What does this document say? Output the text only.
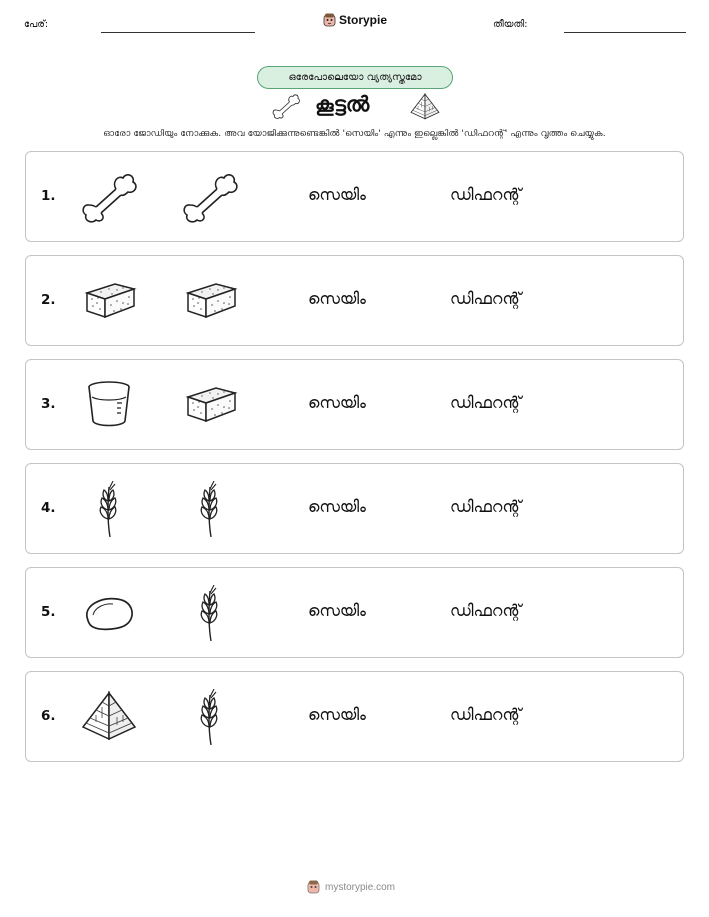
പേര്:	Storypie	തീയതി:
ഒരേപോലെയോ വ്യത്യസ്തമോ
കൂട്ടൽ
ഓരോ ജോഡിയും നോക്കുക. അവ യോജിക്കുന്നുണ്ടെങ്കിൽ 'സെയിം' എന്നും ഇല്ലെങ്കിൽ 'ഡിഫറന്റ്' എന്നും വൃത്തം ചെയ്യുക.
1.	സെയിം	ഡിഫറന്റ്
2.	സെയിം	ഡിഫറന്റ്
3.	സെയിം	ഡിഫറന്റ്
4.	സെയിം	ഡിഫറന്റ്
5.	സെയിം	ഡിഫറന്റ്
6.	സെയിം	ഡിഫറന്റ്
mystorypie.com
